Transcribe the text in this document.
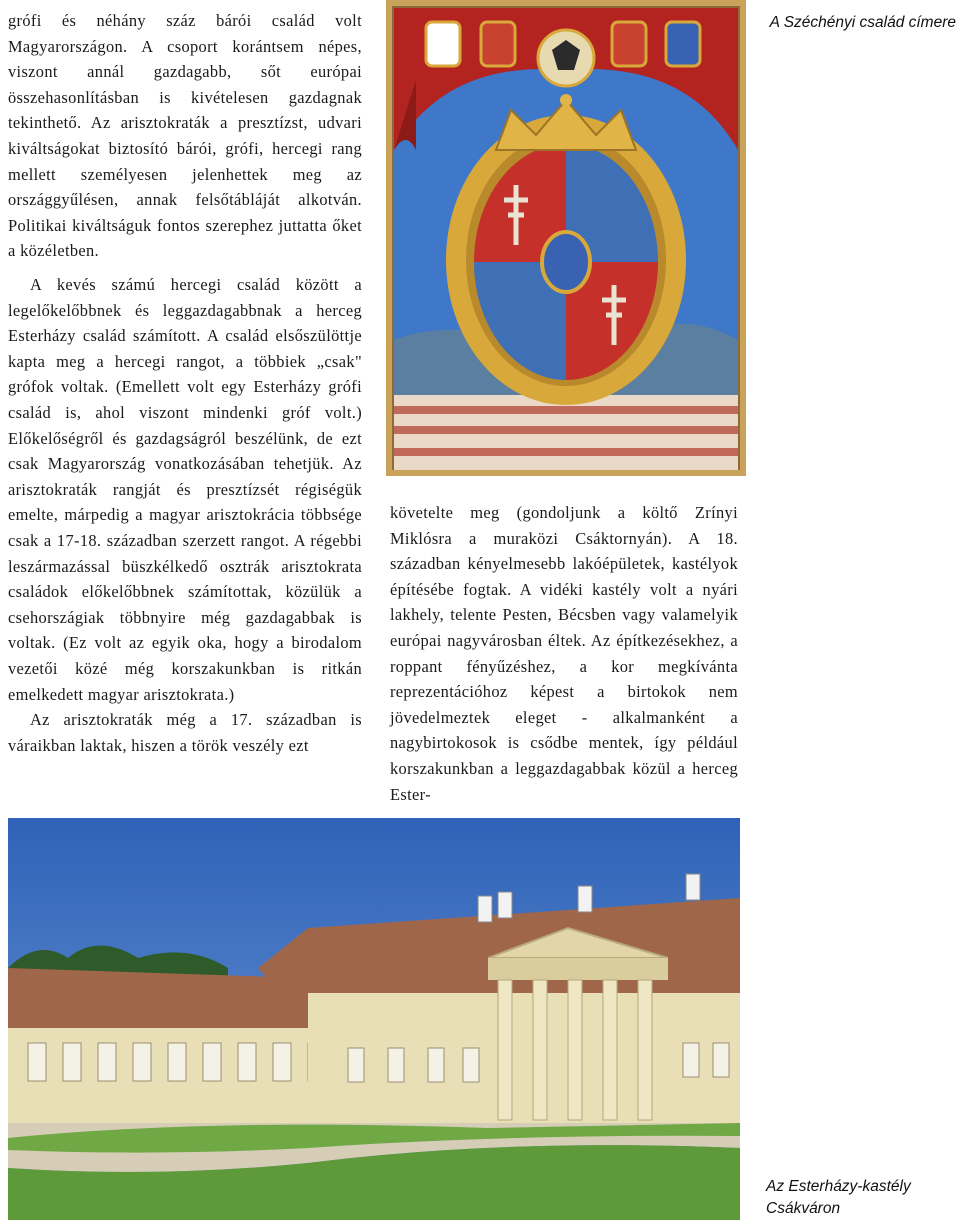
grófi és néhány száz bárói család volt Magyarországon. A csoport korántsem népes, viszont annál gazdagabb, sőt európai összehasonlításban is kivételesen gazdagnak tekinthető. Az arisztokraták a presztízst, udvari kiváltságokat biztosító bárói, grófi, hercegi rang mellett személyesen jelenhettek meg az országgyűlésen, annak felsőtábláját alkotván. Politikai kiváltságuk fontos szerephez juttatta őket a közéletben.

A kevés számú hercegi család között a legelőkelőbbnek és leggazdagabbnak a herceg Esterházy család számított. A család elsőszülöttje kapta meg a hercegi rangot, a többiek „csak" grófok voltak. (Emellett volt egy Esterházy grófi család is, ahol viszont mindenki gróf volt.) Előkelőségről és gazdagságról beszélünk, de ezt csak Magyarország vonatkozásában tehetjük. Az arisztokraták rangját és presztízsét régiségük emelte, márpedig a magyar arisztokrácia többsége csak a 17-18. században szerzett rangot. A régebbi leszármazással büszkélkedő osztrák arisztokrata családok előkelőbbnek számítottak, közülük a csehországiak többnyire még gazdagabbak is voltak. (Ez volt az egyik oka, hogy a birodalom vezetői közé még korszakunkban is ritkán emelkedett magyar arisztokrata.)

Az arisztokraták még a 17. században is váraikban laktak, hiszen a török veszély ezt

követelte meg (gondoljunk a költő Zrínyi Miklósra a muraközi Csáktornyán). A 18. században kényelmesebb lakóépületek, kastélyok építésébe fogtak. A vidéki kastély volt a nyári lakhely, telente Pesten, Bécsben vagy valamelyik európai nagyvárosban éltek. Az építkezésekhez, a roppant fényűzéshez, a kor megkívánta reprezentációhoz képest a birtokok nem jövedelmeztek eleget - alkalmanként a nagybirtokosok is csődbe mentek, így például korszakunkban a leggazdagabbak közül a herceg Ester-

A Széchényi család címere
Az Esterházy-kastély
Csákváron
